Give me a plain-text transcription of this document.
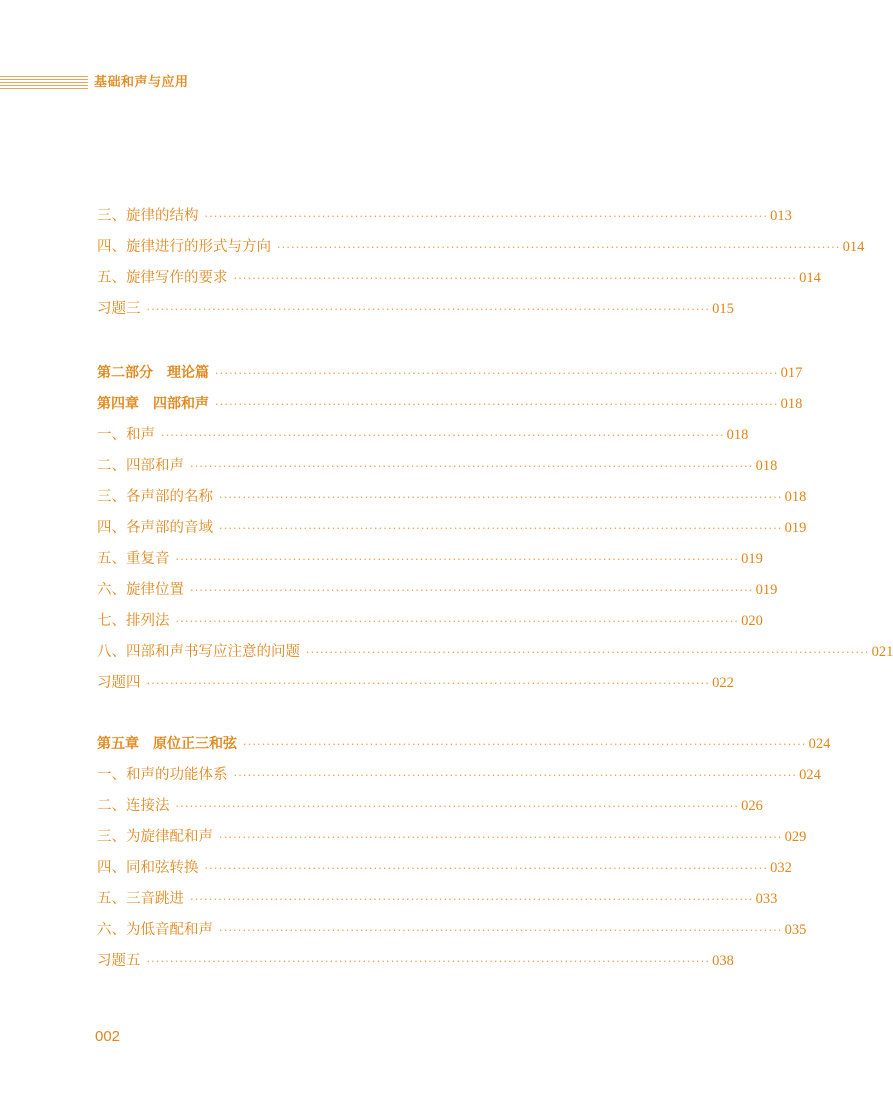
基础和声与应用
三、旋律的结构 ························································································································ 013
四、旋律进行的形式与方向 ························································································································ 014
五、旋律写作的要求 ························································································································ 014
习题三 ························································································································ 015
第二部分　理论篇 ························································································································ 017
第四章　四部和声 ························································································································ 018
一、和声 ························································································································ 018
二、四部和声 ························································································································ 018
三、各声部的名称 ························································································································ 018
四、各声部的音域 ························································································································ 019
五、重复音 ························································································································ 019
六、旋律位置 ························································································································ 019
七、排列法 ························································································································ 020
八、四部和声书写应注意的问题 ························································································································ 021
习题四 ························································································································ 022
第五章　原位正三和弦 ························································································································ 024
一、和声的功能体系 ························································································································ 024
二、连接法 ························································································································ 026
三、为旋律配和声 ························································································································ 029
四、同和弦转换 ························································································································ 032
五、三音跳进 ························································································································ 033
六、为低音配和声 ························································································································ 035
习题五 ························································································································ 038
002
